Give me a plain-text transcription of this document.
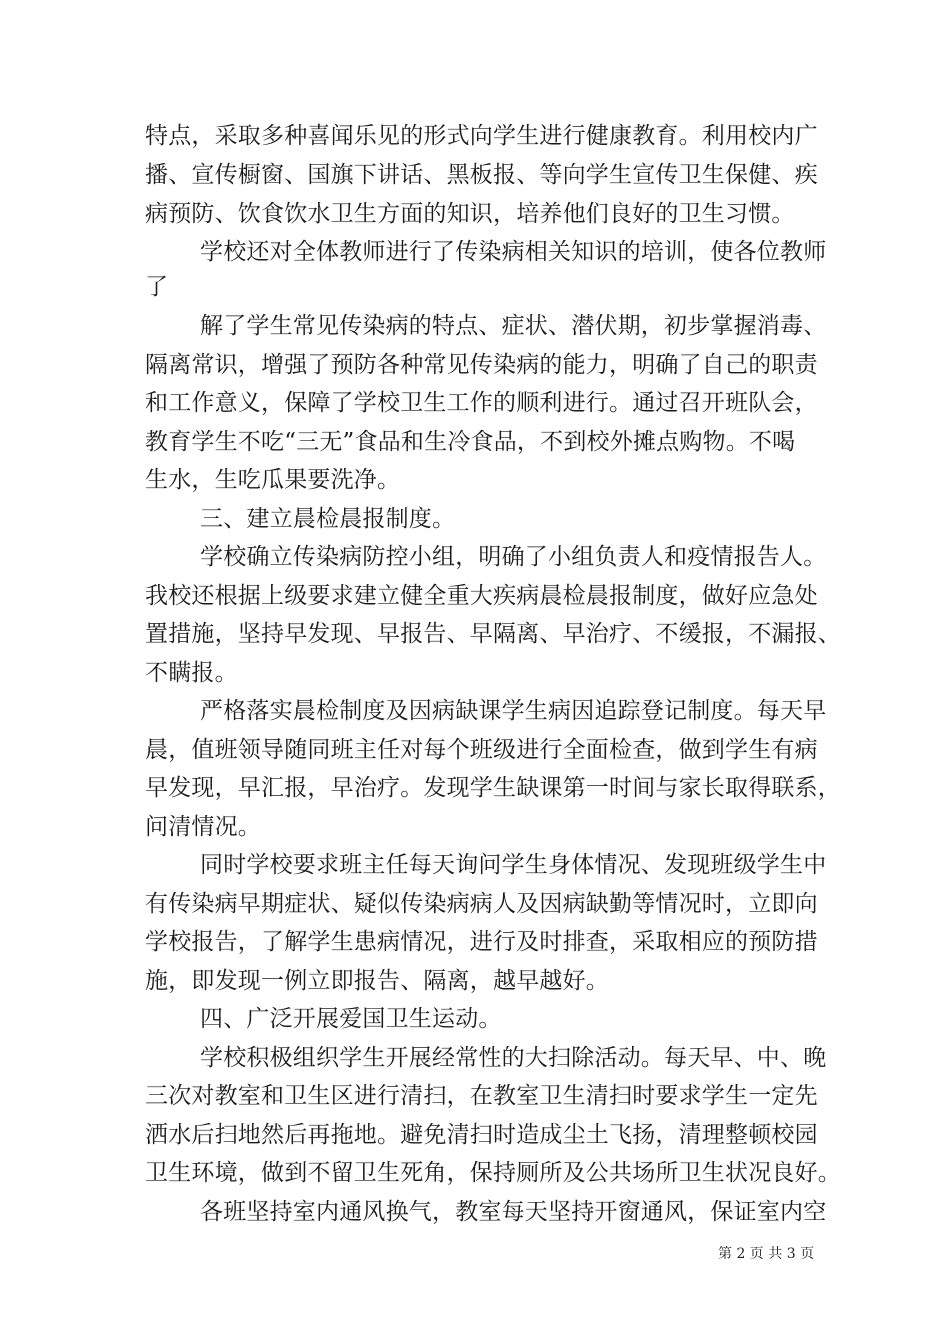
特点，采取多种喜闻乐见的形式向学生进行健康教育。利用校内广
播、宣传橱窗、国旗下讲话、黑板报、等向学生宣传卫生保健、疾
病预防、饮食饮水卫生方面的知识，培养他们良好的卫生习惯。
学校还对全体教师进行了传染病相关知识的培训，使各位教师
了
解了学生常见传染病的特点、症状、潜伏期，初步掌握消毒、
隔离常识，增强了预防各种常见传染病的能力，明确了自己的职责
和工作意义，保障了学校卫生工作的顺利进行。通过召开班队会，
教育学生不吃“三无”食品和生冷食品，不到校外摊点购物。不喝
生水，生吃瓜果要洗净。
三、建立晨检晨报制度。
学校确立传染病防控小组，明确了小组负责人和疫情报告人。
我校还根据上级要求建立健全重大疾病晨检晨报制度，做好应急处
置措施，坚持早发现、早报告、早隔离、早治疗、不缓报，不漏报、
不瞒报。
严格落实晨检制度及因病缺课学生病因追踪登记制度。每天早
晨，值班领导随同班主任对每个班级进行全面检查，做到学生有病
早发现，早汇报，早治疗。发现学生缺课第一时间与家长取得联系，
问清情况。
同时学校要求班主任每天询问学生身体情况、发现班级学生中
有传染病早期症状、疑似传染病病人及因病缺勤等情况时，立即向
学校报告，了解学生患病情况，进行及时排查，采取相应的预防措
施，即发现一例立即报告、隔离，越早越好。
四、广泛开展爱国卫生运动。
学校积极组织学生开展经常性的大扫除活动。每天早、中、晚
三次对教室和卫生区进行清扫，在教室卫生清扫时要求学生一定先
洒水后扫地然后再拖地。避免清扫时造成尘土飞扬，清理整顿校园
卫生环境，做到不留卫生死角，保持厕所及公共场所卫生状况良好。
各班坚持室内通风换气，教室每天坚持开窗通风，保证室内空
第 2 页 共 3 页
